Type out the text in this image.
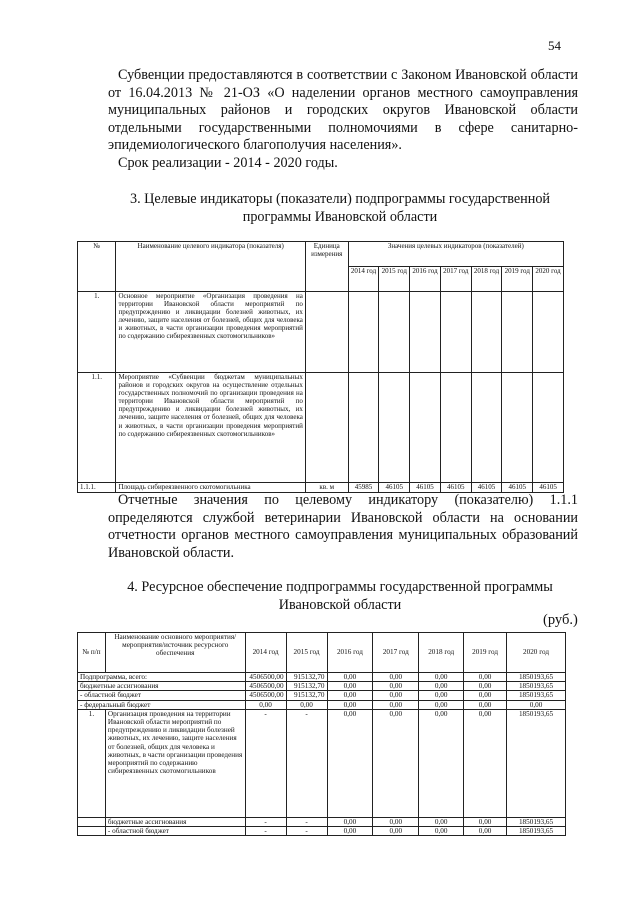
54
Субвенции предоставляются в соответствии с Законом Ивановской области от 16.04.2013 № 21-ОЗ «О наделении органов местного самоуправления муниципальных районов и городских округов Ивановской области отдельными государственными полномочиями в сфере санитарно-эпидемиологического благополучия населения».
Срок реализации - 2014 - 2020 годы.
3. Целевые индикаторы (показатели) подпрограммы государственной программы Ивановской области
№	Наименование целевого индикатора (показателя)	Единица измерения	Значения целевых индикаторов (показателей)						
			2014 год	2015 год	2016 год	2017 год	2018 год	2019 год	2020 год
1.	Основное мероприятие «Организация проведения на территории Ивановской области мероприятий по предупреждению и ликвидации болезней животных, их лечению, защите населения от болезней, общих для человека и животных, в части организации проведения мероприятий по содержанию сибиреязвенных скотомогильников»								
1.1.	Мероприятие «Субвенции бюджетам муниципальных районов и городских округов на осуществление отдельных государственных полномочий по организации проведения на территории Ивановской области мероприятий по предупреждению и ликвидации болезней животных, их лечению, защите населения от болезней, общих для человека и животных, в части организации проведения мероприятий по содержанию сибиреязвенных скотомогильников»								
1.1.1.	Площадь сибиреязвенного скотомогильника	кв. м	45985	46105	46105	46105	46105	46105	46105
Отчетные значения по целевому индикатору (показателю) 1.1.1 определяются службой ветеринарии Ивановской области на основании отчетности органов местного самоуправления муниципальных образований Ивановской области.
4. Ресурсное обеспечение подпрограммы государственной программы Ивановской области
(руб.)
№ п/п	Наименование основного мероприятия/ мероприятия/источник ресурсного обеспечения	2014 год	2015 год	2016 год	2017 год	2018 год	2019 год	2020 год
Подпрограмма, всего:		4506500,00	915132,70	0,00	0,00	0,00	0,00	1850193,65
бюджетные ассигнования		4506500,00	915132,70	0,00	0,00	0,00	0,00	1850193,65
- областной бюджет		4506500,00	915132,70	0,00	0,00	0,00	0,00	1850193,65
- федеральный бюджет		0,00	0,00	0,00	0,00	0,00	0,00	0,00
1.	Организация проведения на территории Ивановской области мероприятий по предупреждению и ликвидации болезней животных, их лечению, защите населения от болезней, общих для человека и животных, в части организации проведения мероприятий по содержанию сибиреязвенных скотомогильников	-	-	0,00	0,00	0,00	0,00	1850193,65
	бюджетные ассигнования	-	-	0,00	0,00	0,00	0,00	1850193,65
	- областной бюджет	-	-	0,00	0,00	0,00	0,00	1850193,65
